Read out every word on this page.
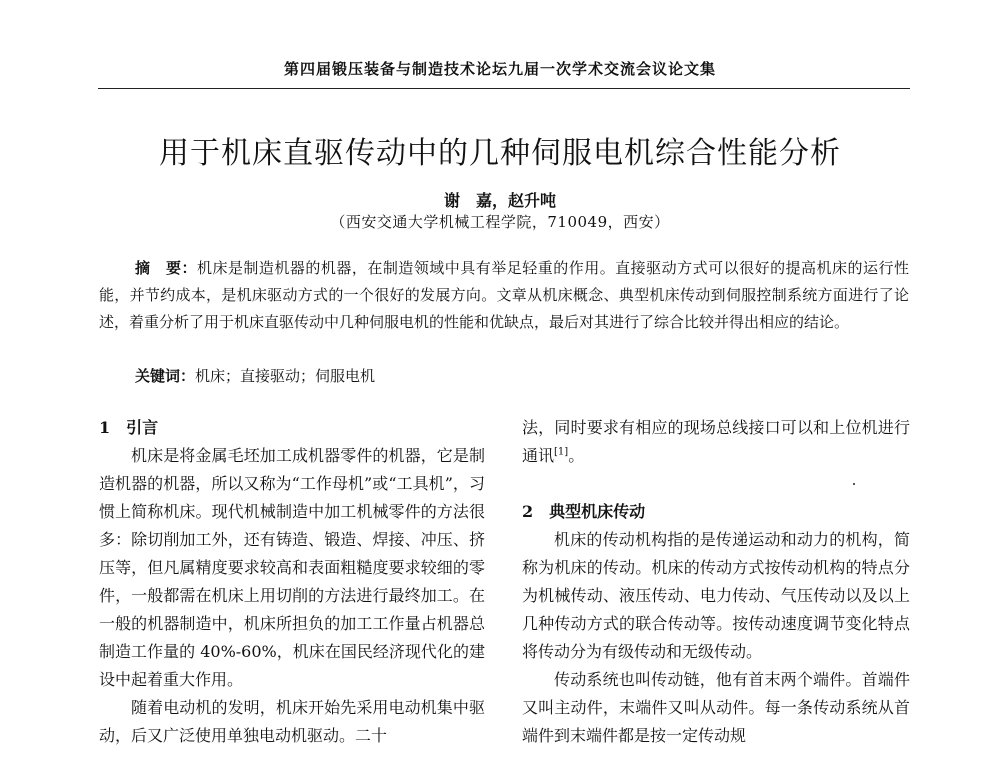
第四届锻压装备与制造技术论坛九届一次学术交流会议论文集
用于机床直驱传动中的几种伺服电机综合性能分析
谢　嘉，赵升吨
（西安交通大学机械工程学院，710049，西安）

摘　要：机床是制造机器的机器，在制造领域中具有举足轻重的作用。直接驱动方式可以很好的提高机床的运行性能，并节约成本，是机床驱动方式的一个很好的发展方向。文章从机床概念、典型机床传动到伺服控制系统方面进行了论述，着重分析了用于机床直驱传动中几种伺服电机的性能和优缺点，最后对其进行了综合比较并得出相应的结论。

关键词：机床；直接驱动；伺服电机

1　引言

机床是将金属毛坯加工成机器零件的机器，它是制造机器的机器，所以又称为“工作母机”或“工具机”，习惯上简称机床。现代机械制造中加工机械零件的方法很多：除切削加工外，还有铸造、锻造、焊接、冲压、挤压等，但凡属精度要求较高和表面粗糙度要求较细的零件，一般都需在机床上用切削的方法进行最终加工。在一般的机器制造中，机床所担负的加工工作量占机器总制造工作量的 40%-60%，机床在国民经济现代化的建设中起着重大作用。

随着电动机的发明，机床开始先采用电动机集中驱动，后又广泛使用单独电动机驱动。二十

法，同时要求有相应的现场总线接口可以和上位机进行通讯[1]。

2　典型机床传动

机床的传动机构指的是传递运动和动力的机构，简称为机床的传动。机床的传动方式按传动机构的特点分为机械传动、液压传动、电力传动、气压传动以及以上几种传动方式的联合传动等。按传动速度调节变化特点将传动分为有级传动和无级传动。

传动系统也叫传动链，他有首末两个端件。首端件又叫主动件，末端件又叫从动件。每一条传动系统从首端件到末端件都是按一定传动规
